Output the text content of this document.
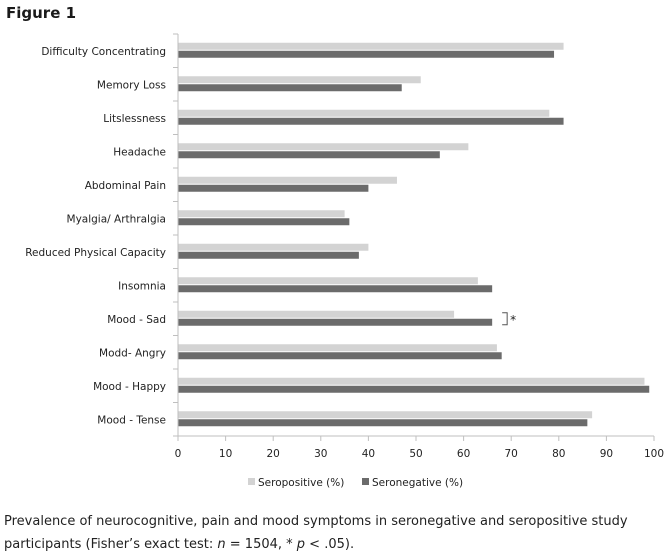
Figure 1
Difficulty Concentrating
Memory Loss
Litslessness
Headache
Abdominal Pain
Myalgia/ Arthralgia
Reduced Physical Capacity
Insomnia
Mood - Sad
Modd- Angry
Mood - Happy
Mood - Tense
*
0	10	20	30	40	50	60	70	80	90	100
Seropositive (%)	Seronegative (%)
Prevalence of neurocognitive, pain and mood symptoms in seronegative and seropositive study participants (Fisher’s exact test: n = 1504, * p < .05).
